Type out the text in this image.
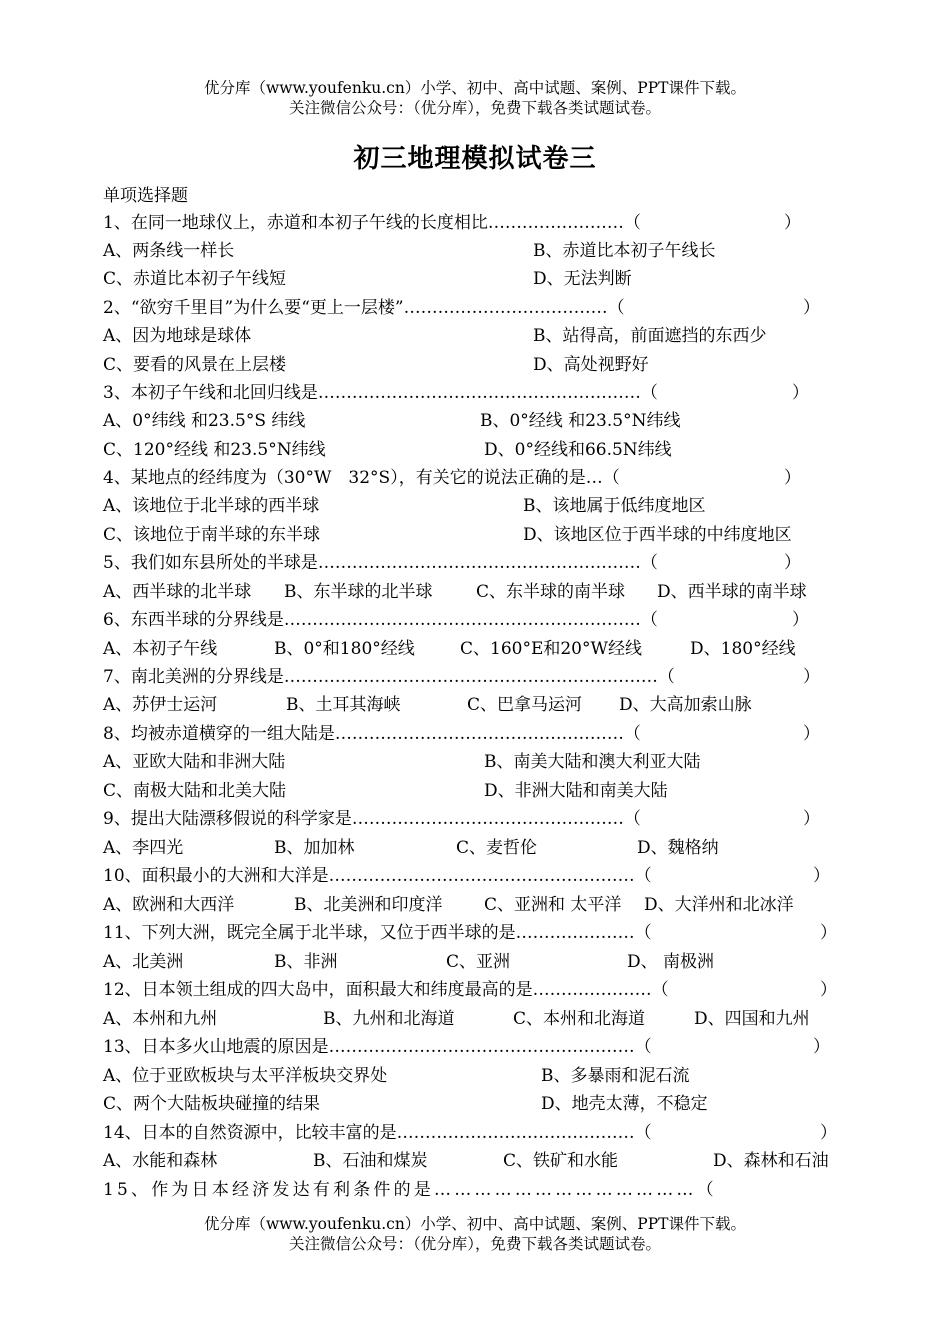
优分库（www.youfenku.cn）小学、初中、高中试题、案例、PPT课件下载。
关注微信公众号：（优分库），免费下载各类试题试卷。
初三地理模拟试卷三
单项选择题
1、在同一地球仪上，赤道和本初子午线的长度相比……………………（	）
A、两条线一样长	B、赤道比本初子午线长
C、赤道比本初子午线短	D、无法判断
2、“欲穷千里目”为什么要“更上一层楼”………………………………（	）
A、因为地球是球体	B、站得高，前面遮挡的东西少
C、要看的风景在上层楼	D、高处视野好
3、本初子午线和北回归线是…………………………………………………（	）
A、0°纬线 和23.5°S 纬线	B、0°经线 和23.5°N纬线
C、120°经线 和23.5°N纬线	D、0°经线和66.5N纬线
4、某地点的经纬度为（30°W　32°S），有关它的说法正确的是…（	）
A、该地位于北半球的西半球	B、该地属于低纬度地区
C、该地位于南半球的东半球	D、该地区位于西半球的中纬度地区
5、我们如东县所处的半球是…………………………………………………（	）
A、西半球的北半球 B、东半球的北半球	C、东半球的南半球 D、西半球的南半球
6、东西半球的分界线是………………………………………………………（	）
A、本初子午线	B、0°和180°经线	C、160°E和20°W经线	D、180°经线
7、南北美洲的分界线是…………………………………………………………（	）
A、苏伊士运河	B、土耳其海峡	C、巴拿马运河 D、大高加索山脉
8、均被赤道横穿的一组大陆是……………………………………………（	）
A、亚欧大陆和非洲大陆	B、南美大陆和澳大利亚大陆
C、南极大陆和北美大陆	D、非洲大陆和南美大陆
9、提出大陆漂移假说的科学家是…………………………………………（	）
A、李四光	B、加加林	C、麦哲伦	D、魏格纳
10、面积最小的大洲和大洋是………………………………………………（	）
A、欧洲和大西洋	B、北美洲和印度洋 C、亚洲和 太平洋 D、大洋州和北冰洋
11、下列大洲，既完全属于北半球，又位于西半球的是…………………（	）
A、北美洲	B、非洲	C、亚洲	D、 南极洲
12、日本领土组成的四大岛中，面积最大和纬度最高的是…………………（	）
A、本州和九州	B、九州和北海道	C、本州和北海道	D、四国和九州
13、日本多火山地震的原因是………………………………………………（	）
A、位于亚欧板块与太平洋板块交界处	B、多暴雨和泥石流
C、两个大陆板块碰撞的结果	D、地壳太薄，不稳定
14、日本的自然资源中，比较丰富的是……………………………………（	）
A、水能和森林	B、石油和煤炭	C、铁矿和水能	D、森林和石油
15、作为日本经济发达有利条件的是…………………………………（
优分库（www.youfenku.cn）小学、初中、高中试题、案例、PPT课件下载。
关注微信公众号：（优分库），免费下载各类试题试卷。
